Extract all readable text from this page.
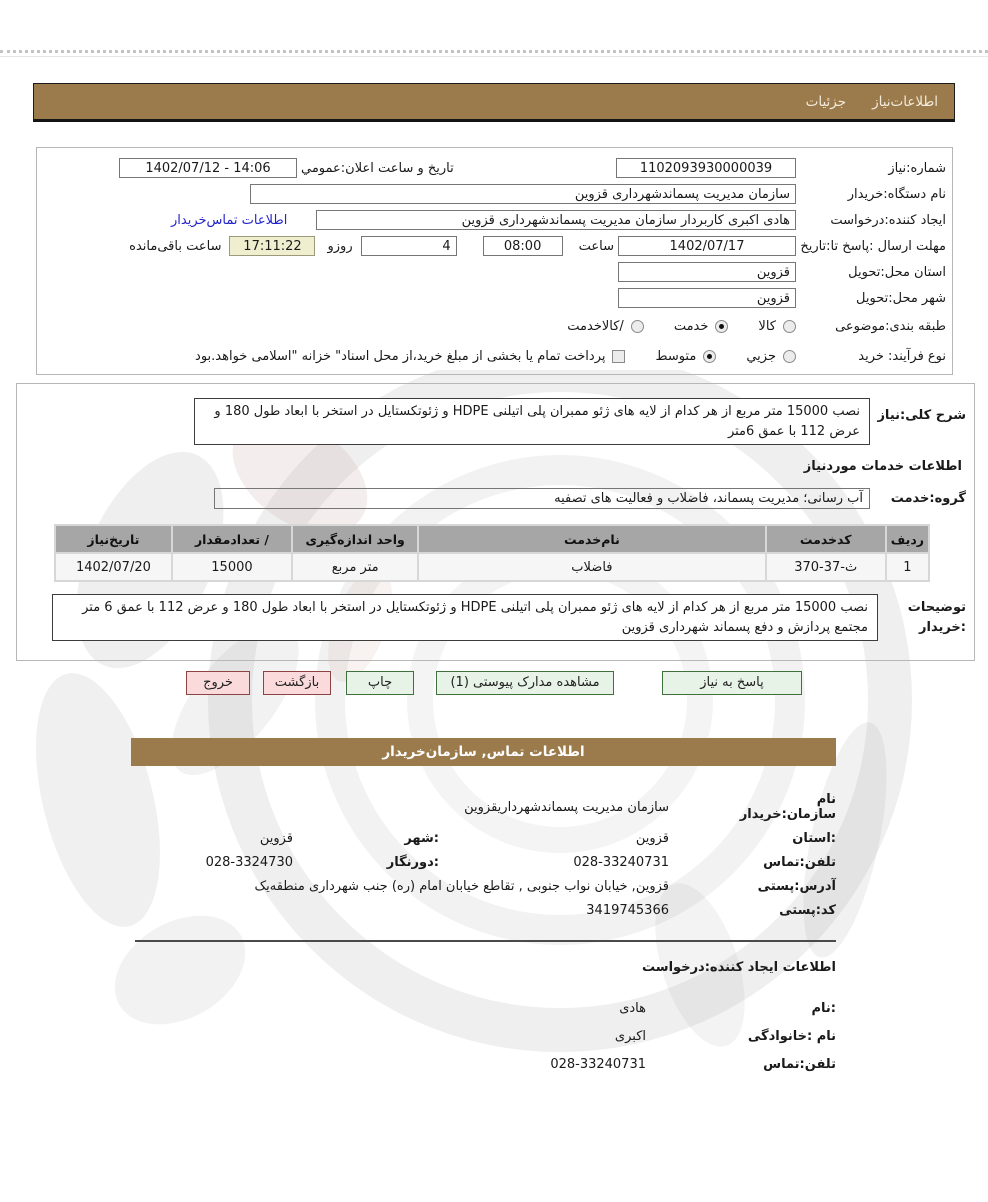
اطلاعات‌نیاز
جزئیات
شماره:نیاز
1102093930000039
تاریخ و ساعت اعلان:عمومي
14:06 - 1402/07/12
نام دستگاه:خریدار
سازمان مدیریت پسماندشهرداری قزوین
ایجاد کننده:درخواست
هادی اکبری کاربردار سازمان مدیریت پسماندشهرداری قزوین
اطلاعات تماس‌خریدار
مهلت ارسال :پاسخ تا:تاریخ
1402/07/17
ساعت
08:00
4
روزو
17:11:22
ساعت باقی‌مانده
استان محل:تحویل
قزوین
شهر محل:تحویل
قزوین
طبقه بندی:موضوعی
کالا
خدمت
/کالاخدمت
نوع فرآیند: خرید
جزیي
متوسط
پرداخت تمام یا بخشی از مبلغ خرید،از محل اسناد" خزانه "اسلامی خواهد.بود
شرح کلی:نیاز
نصب 15000 متر مربع از هر کدام از لایه های ژئو ممبران پلی اتیلنی HDPE و ژئوتکستایل در استخر با ابعاد طول 180 و عرض 112 با عمق 6متر
اطلاعات خدمات موردنیاز
گروه:خدمت
آب رسانی؛ مدیریت پسماند، فاضلاب و فعالیت های تصفیه
ردیف	کدخدمت	نام‌خدمت	واحد اندازه‌گیری	/ تعدادمقدار	تاریخ‌نیاز
1	ث-37-370	فاضلاب	متر مربع	15000	1402/07/20
توضیحات
:خریدار
نصب 15000 متر مربع از هر کدام از لایه های ژئو ممبران پلی اتیلنی HDPE و ژئوتکستایل در استخر با ابعاد طول 180 و عرض 112 با عمق 6 متر مجتمع پردازش و دفع پسماند شهرداری قزوین
پاسخ به نیاز
مشاهده مدارک پیوستی (1)
چاپ
بازگشت
خروج
اطلاعات تماس, سازمان‌خریدار
نام سازمان:خریدار
سازمان مدیریت پسماندشهرداریقزوین
:استان
قزوین
:شهر
قزوین
تلفن:تماس
028-33240731
:دورنگار
028-3324730
آدرس:پستی
قزوین, خیابان نواب جنوبی , تقاطع خیابان امام (ره) جنب شهرداری منطقه‌یک
کد:پستی
3419745366
اطلاعات ایجاد کننده:درخواست
:نام
هادی
نام :خانوادگی
اکبری
تلفن:تماس
028-33240731
